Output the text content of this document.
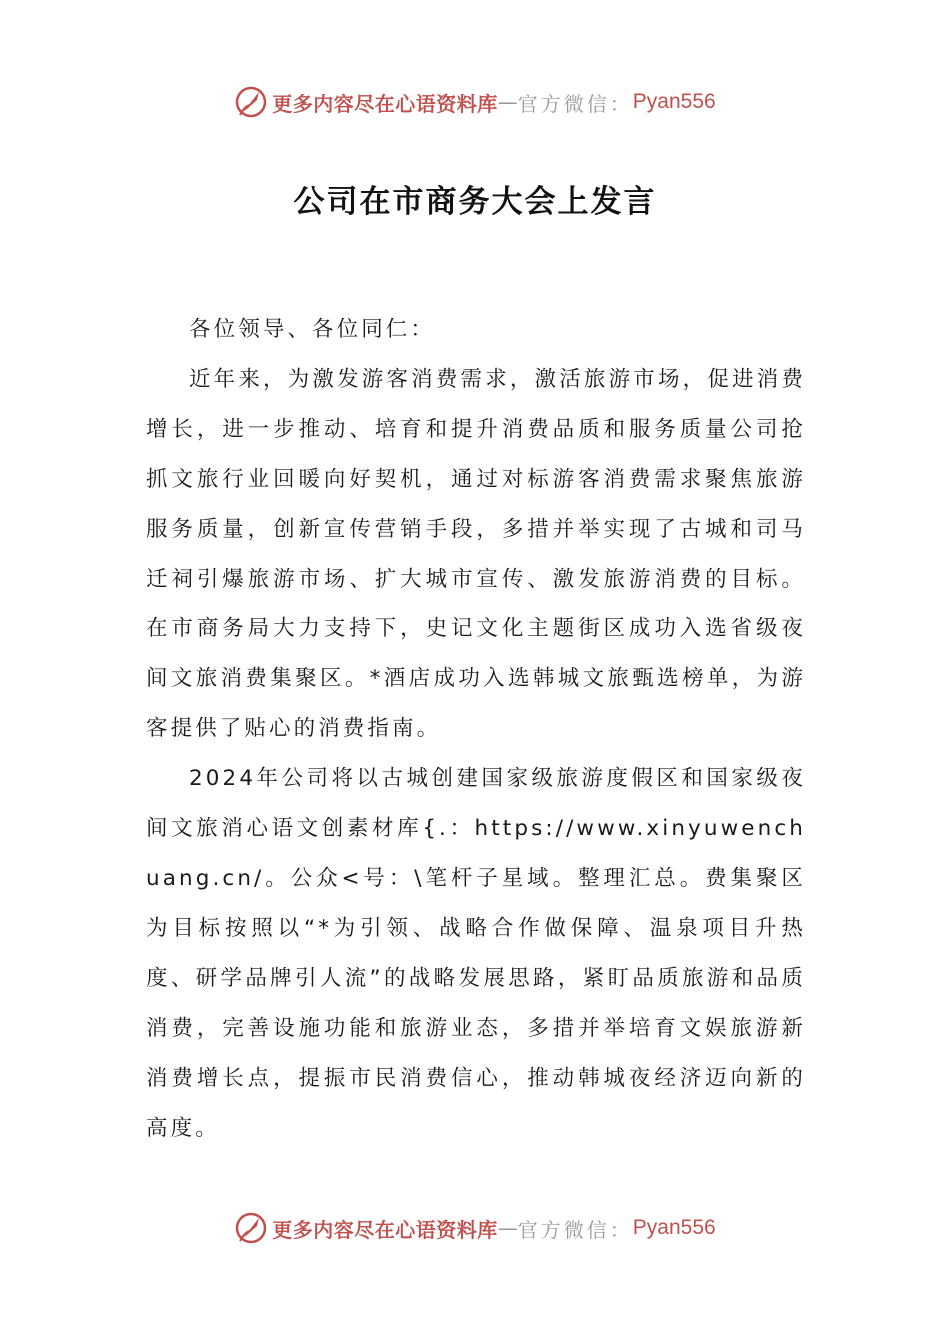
更多内容尽在心语资料库 — 官方微信： Pyan556
公司在市商务大会上发言

各位领导、各位同仁：

近年来，为激发游客消费需求，激活旅游市场，促进消费增长，进一步推动、培育和提升消费品质和服务质量公司抢抓文旅行业回暖向好契机，通过对标游客消费需求聚焦旅游服务质量，创新宣传营销手段，多措并举实现了古城和司马迁祠引爆旅游市场、扩大城市宣传、激发旅游消费的目标。在市商务局大力支持下，史记文化主题街区成功入选省级夜间文旅消费集聚区。*酒店成功入选韩城文旅甄选榜单，为游客提供了贴心的消费指南。

2024年公司将以古城创建国家级旅游度假区和国家级夜间文旅消心语文创素材库{.：https://www.xinyuwenchuang.cn/。公众<号：\笔杆子星域。整理汇总。费集聚区为目标按照以“*为引领、战略合作做保障、温泉项目升热度、研学品牌引人流”的战略发展思路，紧盯品质旅游和品质消费，完善设施功能和旅游业态，多措并举培育文娱旅游新消费增长点，提振市民消费信心，推动韩城夜经济迈向新的高度。

更多内容尽在心语资料库 — 官方微信： Pyan556
